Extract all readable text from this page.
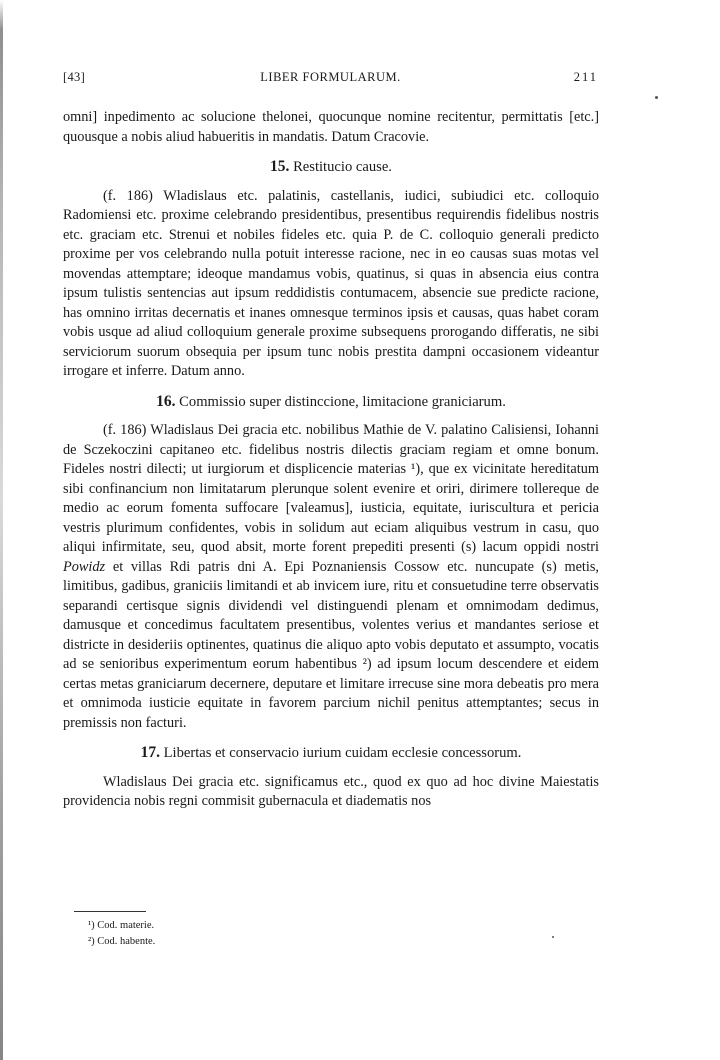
[43]	LIBER FORMULARUM.	211

omni] inpedimento ac solucione thelonei, quocunque nomine recitentur, permittatis [etc.] quousque a nobis aliud habueritis in mandatis. Datum Cracovie.

15. Restitucio cause.

(f. 186) Wladislaus etc. palatinis, castellanis, iudici, subiudici etc. colloquio Radomiensi etc. proxime celebrando presidentibus, presentibus requirendis fidelibus nostris etc. graciam etc. Strenui et nobiles fideles etc. quia P. de C. colloquio generali predicto proxime per vos celebrando nulla potuit interesse racione, nec in eo causas suas motas vel movendas attemptare; ideoque mandamus vobis, quatinus, si quas in absencia eius contra ipsum tulistis sentencias aut ipsum reddidistis contumacem, absencie sue predicte racione, has omnino irritas decernatis et inanes omnesque terminos ipsis et causas, quas habet coram vobis usque ad aliud colloquium generale proxime subsequens prorogando differatis, ne sibi serviciorum suorum obsequia per ipsum tunc nobis prestita dampni occasionem videantur irrogare et inferre. Datum anno.

16. Commissio super distinccione, limitacione graniciarum.

(f. 186) Wladislaus Dei gracia etc. nobilibus Mathie de V. palatino Calisiensi, Iohanni de Sczekoczini capitaneo etc. fidelibus nostris dilectis graciam regiam et omne bonum. Fideles nostri dilecti; ut iurgiorum et displicencie materias ¹), que ex vicinitate hereditatum sibi confinancium non limitatarum plerunque solent evenire et oriri, dirimere tollereque de medio ac eorum fomenta suffocare [valeamus], iusticia, equitate, iuriscultura et pericia vestris plurimum confidentes, vobis in solidum aut eciam aliquibus vestrum in casu, quo aliqui infirmitate, seu, quod absit, morte forent prepediti presenti (s) lacum oppidi nostri Powidz et villas Rdi patris dni A. Epi Poznaniensis Cossow etc. nuncupate (s) metis, limitibus, gadibus, graniciis limitandi et ab invicem iure, ritu et consuetudine terre observatis separandi certisque signis dividendi vel distinguendi plenam et omnimodam dedimus, damusque et concedimus facultatem presentibus, volentes verius et mandantes seriose et districte in desideriis optinentes, quatinus die aliquo apto vobis deputato et assumpto, vocatis ad se senioribus experimentum eorum habentibus ²) ad ipsum locum descendere et eidem certas metas graniciarum decernere, deputare et limitare irrecuse sine mora debeatis pro mera et omnimoda iusticie equitate in favorem parcium nichil penitus attemptantes; secus in premissis non facturi.

17. Libertas et conservacio iurium cuidam ecclesie concessorum.

Wladislaus Dei gracia etc. significamus etc., quod ex quo ad hoc divine Maiestatis providencia nobis regni commisit gubernacula et diadematis nos

¹) Cod. materie.
²) Cod. habente.
